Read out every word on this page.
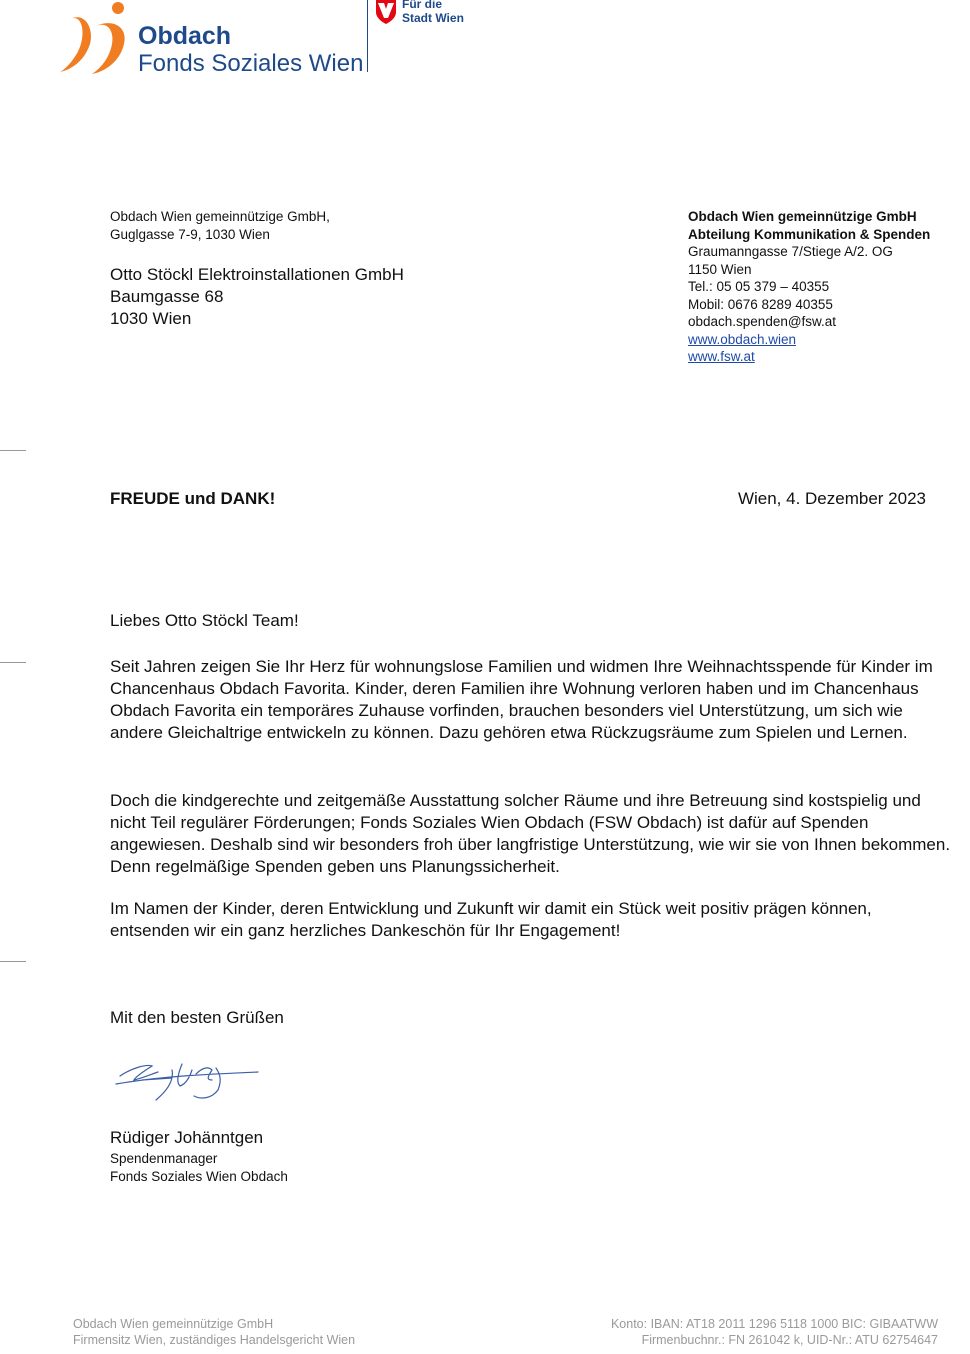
Obdach
Fonds Soziales Wien
Für die
Stadt Wien
Obdach Wien gemeinnützige GmbH,
Guglgasse 7-9, 1030 Wien
Otto Stöckl Elektroinstallationen GmbH
Baumgasse 68
1030 Wien
Obdach Wien gemeinnützige GmbH
Abteilung Kommunikation & Spenden
Graumanngasse 7/Stiege A/2. OG
1150 Wien
Tel.: 05 05 379 – 40355
Mobil: 0676 8289 40355
obdach.spenden@fsw.at
www.obdach.wien
www.fsw.at
FREUDE und DANK!	Wien, 4. Dezember 2023

Liebes Otto Stöckl Team!

Seit Jahren zeigen Sie Ihr Herz für wohnungslose Familien und widmen Ihre Weihnachtsspende für Kinder im Chancenhaus Obdach Favorita. Kinder, deren Familien ihre Wohnung verloren haben und im Chancenhaus Obdach Favorita ein temporäres Zuhause vorfinden, brauchen besonders viel Unterstützung, um sich wie andere Gleichaltrige entwickeln zu können. Dazu gehören etwa Rückzugsräume zum Spielen und Lernen.

Doch die kindgerechte und zeitgemäße Ausstattung solcher Räume und ihre Betreuung sind kostspielig und nicht Teil regulärer Förderungen; Fonds Soziales Wien Obdach (FSW Obdach) ist dafür auf Spenden angewiesen. Deshalb sind wir besonders froh über langfristige Unterstützung, wie wir sie von Ihnen bekommen. Denn regelmäßige Spenden geben uns Planungssicherheit.

Im Namen der Kinder, deren Entwicklung und Zukunft wir damit ein Stück weit positiv prägen können, entsenden wir ein ganz herzliches Dankeschön für Ihr Engagement!

Mit den besten Grüßen

Rüdiger Johänntgen
Spendenmanager
Fonds Soziales Wien Obdach
Obdach Wien gemeinnützige GmbH
Firmensitz Wien, zuständiges Handelsgericht Wien
Konto: IBAN: AT18 2011 1296 5118 1000 BIC: GIBAATWW
Firmenbuchnr.: FN 261042 k, UID-Nr.: ATU 62754647
